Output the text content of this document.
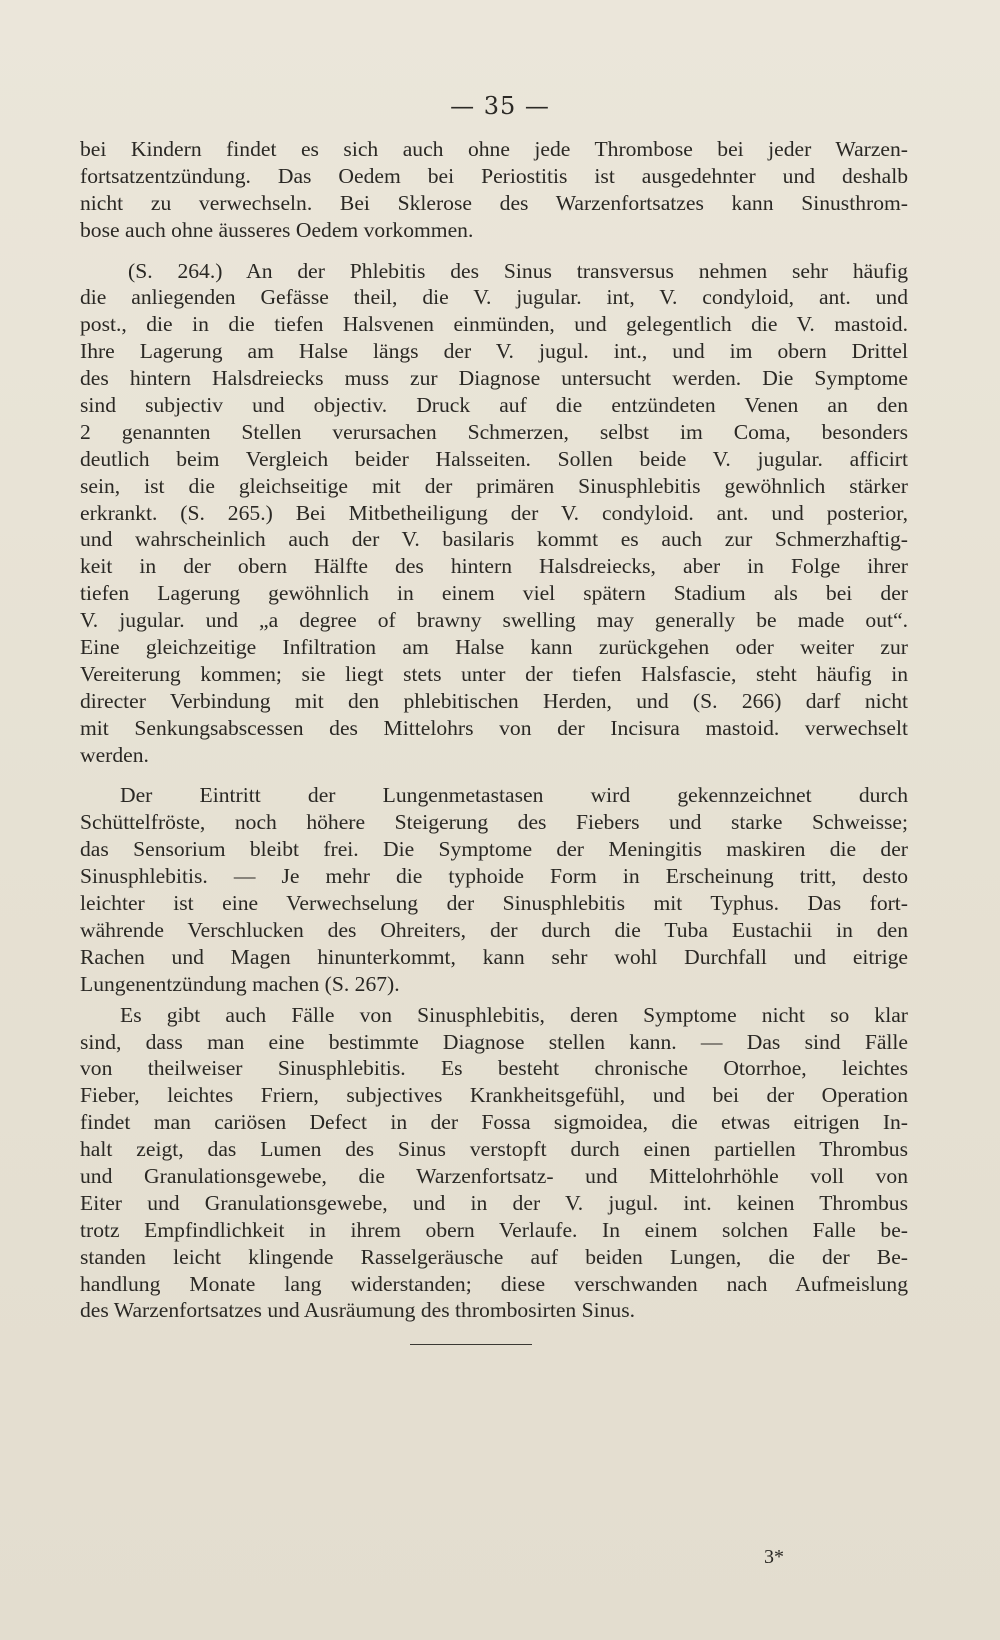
— 35 —
bei Kindern findet es sich auch ohne jede Thrombose bei jeder Warzen-
fortsatzentzündung. Das Oedem bei Periostitis ist ausgedehnter und deshalb
nicht zu verwechseln. Bei Sklerose des Warzenfortsatzes kann Sinusthrom-
bose auch ohne äusseres Oedem vorkommen.
(S. 264.) An der Phlebitis des Sinus transversus nehmen sehr häufig
die anliegenden Gefässe theil, die V. jugular. int, V. condyloid, ant. und
post., die in die tiefen Halsvenen einmünden, und gelegentlich die V. mastoid.
Ihre Lagerung am Halse längs der V. jugul. int., und im obern Drittel
des hintern Halsdreiecks muss zur Diagnose untersucht werden. Die Symptome
sind subjectiv und objectiv. Druck auf die entzündeten Venen an den
2 genannten Stellen verursachen Schmerzen, selbst im Coma, besonders
deutlich beim Vergleich beider Halsseiten. Sollen beide V. jugular. afficirt
sein, ist die gleichseitige mit der primären Sinusphlebitis gewöhnlich stärker
erkrankt. (S. 265.) Bei Mitbetheiligung der V. condyloid. ant. und posterior,
und wahrscheinlich auch der V. basilaris kommt es auch zur Schmerzhaftig-
keit in der obern Hälfte des hintern Halsdreiecks, aber in Folge ihrer
tiefen Lagerung gewöhnlich in einem viel spätern Stadium als bei der
V. jugular. und „a degree of brawny swelling may generally be made out“.
Eine gleichzeitige Infiltration am Halse kann zurückgehen oder weiter zur
Vereiterung kommen; sie liegt stets unter der tiefen Halsfascie, steht häufig in
directer Verbindung mit den phlebitischen Herden, und (S. 266) darf nicht
mit Senkungsabscessen des Mittelohrs von der Incisura mastoid. verwechselt
werden.
Der Eintritt der Lungenmetastasen wird gekennzeichnet durch
Schüttelfröste, noch höhere Steigerung des Fiebers und starke Schweisse;
das Sensorium bleibt frei. Die Symptome der Meningitis maskiren die der
Sinusphlebitis. — Je mehr die typhoide Form in Erscheinung tritt, desto
leichter ist eine Verwechselung der Sinusphlebitis mit Typhus. Das fort-
währende Verschlucken des Ohreiters, der durch die Tuba Eustachii in den
Rachen und Magen hinunterkommt, kann sehr wohl Durchfall und eitrige
Lungenentzündung machen (S. 267).
Es gibt auch Fälle von Sinusphlebitis, deren Symptome nicht so klar
sind, dass man eine bestimmte Diagnose stellen kann. — Das sind Fälle
von theilweiser Sinusphlebitis. Es besteht chronische Otorrhoe, leichtes
Fieber, leichtes Friern, subjectives Krankheitsgefühl, und bei der Operation
findet man cariösen Defect in der Fossa sigmoidea, die etwas eitrigen In-
halt zeigt, das Lumen des Sinus verstopft durch einen partiellen Thrombus
und Granulationsgewebe, die Warzenfortsatz- und Mittelohrhöhle voll von
Eiter und Granulationsgewebe, und in der V. jugul. int. keinen Thrombus
trotz Empfindlichkeit in ihrem obern Verlaufe. In einem solchen Falle be-
standen leicht klingende Rasselgeräusche auf beiden Lungen, die der Be-
handlung Monate lang widerstanden; diese verschwanden nach Aufmeislung
des Warzenfortsatzes und Ausräumung des thrombosirten Sinus.
3*
